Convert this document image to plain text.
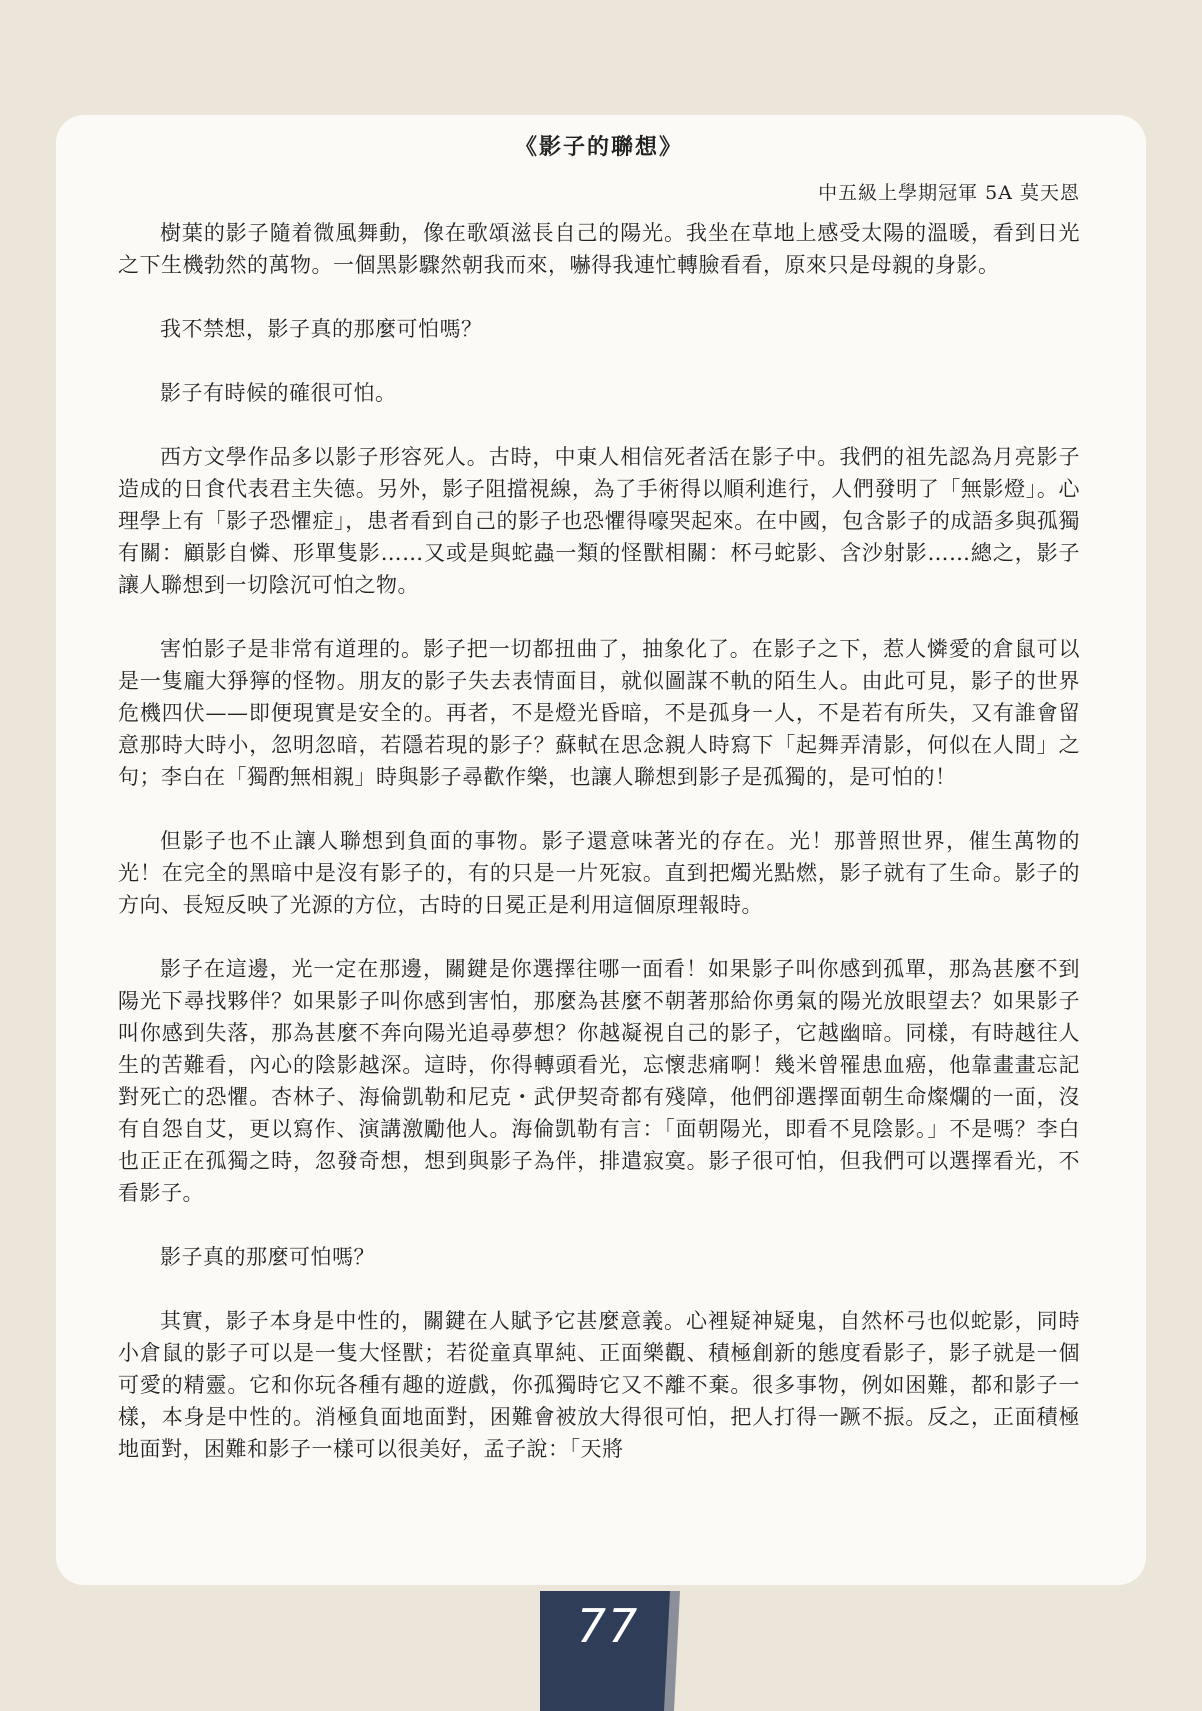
《影子的聯想》
中五級上學期冠軍 5A 莫天恩

樹葉的影子隨着微風舞動，像在歌頌滋長自己的陽光。我坐在草地上感受太陽的溫暖，看到日光之下生機勃然的萬物。一個黑影驟然朝我而來，嚇得我連忙轉臉看看，原來只是母親的身影。

我不禁想，影子真的那麼可怕嗎？

影子有時候的確很可怕。

西方文學作品多以影子形容死人。古時，中東人相信死者活在影子中。我們的祖先認為月亮影子造成的日食代表君主失德。另外，影子阻擋視線，為了手術得以順利進行，人們發明了「無影燈」。心理學上有「影子恐懼症」，患者看到自己的影子也恐懼得嚎哭起來。在中國，包含影子的成語多與孤獨有關：顧影自憐、形單隻影……又或是與蛇蟲一類的怪獸相關：杯弓蛇影、含沙射影……總之，影子讓人聯想到一切陰沉可怕之物。

害怕影子是非常有道理的。影子把一切都扭曲了，抽象化了。在影子之下，惹人憐愛的倉鼠可以是一隻龐大猙獰的怪物。朋友的影子失去表情面目，就似圖謀不軌的陌生人。由此可見，影子的世界危機四伏——即便現實是安全的。再者，不是燈光昏暗，不是孤身一人，不是若有所失，又有誰會留意那時大時小，忽明忽暗，若隱若現的影子？蘇軾在思念親人時寫下「起舞弄清影，何似在人間」之句；李白在「獨酌無相親」時與影子尋歡作樂，也讓人聯想到影子是孤獨的，是可怕的！

但影子也不止讓人聯想到負面的事物。影子還意味著光的存在。光！那普照世界，催生萬物的光！在完全的黑暗中是沒有影子的，有的只是一片死寂。直到把燭光點燃，影子就有了生命。影子的方向、長短反映了光源的方位，古時的日冕正是利用這個原理報時。

影子在這邊，光一定在那邊，關鍵是你選擇往哪一面看！如果影子叫你感到孤單，那為甚麼不到陽光下尋找夥伴？如果影子叫你感到害怕，那麼為甚麼不朝著那給你勇氣的陽光放眼望去？如果影子叫你感到失落，那為甚麼不奔向陽光追尋夢想？你越凝視自己的影子，它越幽暗。同樣，有時越往人生的苦難看，內心的陰影越深。這時，你得轉頭看光，忘懷悲痛啊！幾米曾罹患血癌，他靠畫畫忘記對死亡的恐懼。杏林子、海倫凱勒和尼克・武伊契奇都有殘障，他們卻選擇面朝生命燦爛的一面，沒有自怨自艾，更以寫作、演講激勵他人。海倫凱勒有言：「面朝陽光，即看不見陰影。」不是嗎？李白也正正在孤獨之時，忽發奇想，想到與影子為伴，排遣寂寞。影子很可怕，但我們可以選擇看光，不看影子。

影子真的那麼可怕嗎？

其實，影子本身是中性的，關鍵在人賦予它甚麼意義。心裡疑神疑鬼，自然杯弓也似蛇影，同時小倉鼠的影子可以是一隻大怪獸；若從童真單純、正面樂觀、積極創新的態度看影子，影子就是一個可愛的精靈。它和你玩各種有趣的遊戲，你孤獨時它又不離不棄。很多事物，例如困難，都和影子一樣，本身是中性的。消極負面地面對，困難會被放大得很可怕，把人打得一蹶不振。反之，正面積極地面對，困難和影子一樣可以很美好，孟子說：「天將

77
